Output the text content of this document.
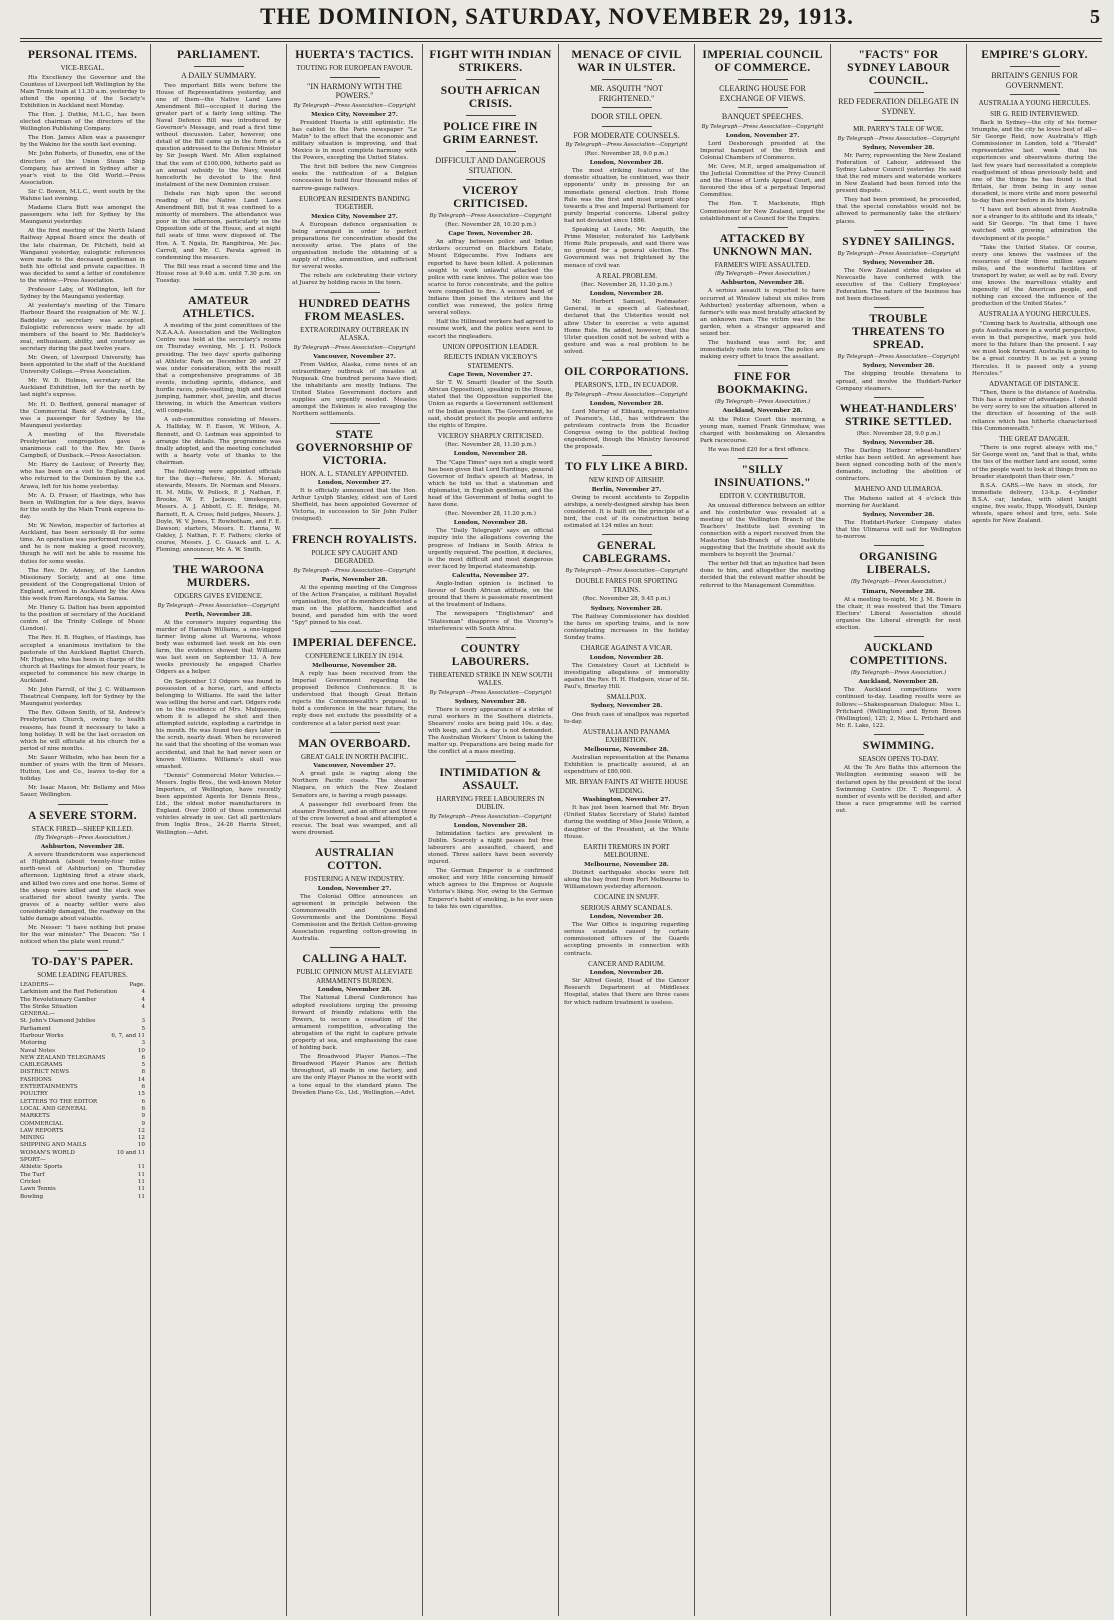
THE DOMINION, SATURDAY, NOVEMBER 29, 1913.	5
PERSONAL ITEMS.
VICE-REGAL.

His Excellency the Governor and the Countess of Liverpool left Wellington by the Main Trunk train at 11.30 a.m. yesterday to attend the opening of the Society's Exhibition in Auckland next Monday.

The Hon. J. Duthie, M.L.C., has been elected chairman of the directors of the Wellington Publishing Company.

The Hon. James Allen was a passenger by the Wakino for the south last evening.

Mr. John Roberts, of Dunedin, one of the directors of the Union Steam Ship Company, has arrived in Sydney after a year's visit to the Old World.—Press Association.

Sir C. Bowen, M.L.C., went south by the Wahine last evening.

Madame Clara Butt was amongst the passengers who left for Sydney by the Maunganui yesterday.

At the first meeting of the North Island Railway Appeal Board since the death of the late chairman, Dr. Fitchett, held at Wanganui yesterday, eulogistic references were made to the deceased gentleman in both his official and private capacities. It was decided to send a letter of condolence to the widow.—Press Association.

Professor Laby, of Wellington, left for Sydney by the Maunganui yesterday.

At yesterday's meeting of the Timaru Harbour Board the resignation of Mr. W. J. Baddeley as secretary was accepted. Eulogistic references were made by all members of the board to Mr. Baddeley's zeal, enthusiasm, ability, and courtesy as secretary during the past twelve years.

Mr. Owen, of Liverpool University, has been appointed to the staff of the Auckland University College.—Press Association.

Mr. W. D. Holmes, secretary of the Auckland Exhibition, left for the north by last night's express.

Mr. H. D. Bedford, general manager of the Commercial Bank of Australia, Ltd., was a passenger for Sydney by the Maunganui yesterday.

A meeting of the Riversdale Presbyterian congregation gave a unanimous call to the Rev. Mr. Davis Campbell, of Dunback.—Press Association.

Mr. Harry de Lautour, of Poverty Bay, who has been on a visit to England, and who returned to the Dominion by the s.s. Arawa, left for his home yesterday.

Mr. A. D. Fraser, of Hastings, who has been in Wellington for a few days, leaves for the south by the Main Trunk express to-day.

Mr. W. Newton, inspector of factories at Auckland, has been seriously ill for some time. An operation was performed recently, and he is now making a good recovery, though he will not be able to resume his duties for some weeks.

The Rev. Dr. Adeney, of the London Missionary Society, and at one time president of the Congregational Union of England, arrived in Auckland by the Aiwa this week from Rarotonga, via Samoa.

Mr. Henry G. Dalton has been appointed to the position of secretary of the Auckland centre of the Trinity College of Music (London).

The Rev. H. B. Hughes, of Hastings, has accepted a unanimous invitation to the pastorate of the Auckland Baptist Church. Mr. Hughes, who has been in charge of the church at Hastings for almost four years, is expected to commence his new charge in Auckland.

Mr. John Farrell, of the J. C. Williamson Theatrical Company, left for Sydney by the Maunganui yesterday.

The Rev. Gibson Smith, of St. Andrew's Presbyterian Church, owing to health reasons, has found it necessary to take a long holiday. It will be the last occasion on which he will officiate at his church for a period of nine months.

Mr. Sauer Wilhelm, who has been for a number of years with the firm of Messrs. Hutton, Lee and Co., leaves to-day for a holiday.

Mr. Isaac Mason, Mr. Bellamy and Miss Sauer, Wellington.

A SEVERE STORM.
STACK FIRED—SHEEP KILLED.
(By Telegraph—Press Association.)
Ashburton, November 28.

A severe thunderstorm was experienced at Highbank (about twenty-four miles north-west of Ashburton) on Thursday afternoon. Lightning fired a straw stack, and killed two cows and one horse. Some of the sheep were killed and the stack was scattered for about twenty yards. The graves of a nearby settler were also considerably damaged, the roadway on the table damage about valuable.

Mr. Nesser: "I have nothing but praise for the war minister." The Deacon: "So I noticed when the plate went round."

TO-DAY'S PAPER.
SOME LEADING FEATURES.
LEADERS—	Page.
Larkinism and the Red Federation	4
The Revolutionary Camber	4
The Strike Situation	4
GENERAL—
St. John's Diamond Jubilee	3
Parliament	5
Harbour Works	6, 7, and 11
Motoring	3
Naval Notes	10
NEW ZEALAND TELEGRAMS	6
CABLEGRAMS	5
DISTRICT NEWS	8
FASHIONS	14
ENTERTAINMENTS	6
POULTRY	15
LETTERS TO THE EDITOR	6
LOCAL AND GENERAL	6
MARKETS	9
COMMERCIAL	9
LAW REPORTS	12
MINING	12
SHIPPING AND MAILS	10
WOMAN'S WORLD	10 and 11
SPORT—
Athletic Sports	11
The Turf	11
Cricket	11
Lawn Tennis	11
Bowling	11
PARLIAMENT.
A DAILY SUMMARY.

Two important Bills were before the House of Representatives yesterday, and one of them—the Native Land Laws Amendment Bill—occupied it during the greater part of a fairly long sitting. The Naval Defence Bill was introduced by Governor's Message, and read a first time without discussion. Later, however, one detail of the Bill came up in the form of a question addressed to the Defence Minister by Sir Joseph Ward. Mr. Allen explained that the sum of £100,000, hitherto paid as an annual subsidy to the Navy, would henceforth be devoted to the first instalment of the new Dominion cruiser.

Debate ran high upon the second reading of the Native Land Laws Amendment Bill, but it was confined to a minority of members. The attendance was poor in the afternoon, particularly on the Opposition side of the House, and at night full seats of time were disposed of. The Hon. A. T. Ngata, Dr. Rangihiroa, Mr. Jas. Carroll, and Mr. C. Parata agreed in condemning the measure.

The Bill was read a second time and the House rose at 9.40 a.m. until 7.30 p.m. on Tuesday.

AMATEUR ATHLETICS.

A meeting of the joint committees of the N.Z.A.A.A. Association and the Wellington Centre was held at the secretary's rooms on Thursday evening, Mr. J. H. Pollock presiding. The two days' sports gathering at Athletic Park on December 26 and 27 was under consideration, with the result that a comprehensive programme of 38 events, including sprints, distance, and hurdle races, pole-vaulting, high and broad jumping, hammer, shot, javelin, and discus throwing, in which the American visitors will compete.

A sub-committee consisting of Messrs. A. Halliday, W. F. Eason, W. Wilson, A. Bennett, and O. Ledman was appointed to arrange the details. The programme was finally adopted, and the meeting concluded with a hearty vote of thanks to the chairman.

The following were appointed officials for the day:—Referee, Mr. A. Morant; stewards, Messrs. Dr. Norman and Messrs. H. M. Mills, W. Pollock, P. J. Nathan, F. Brooke, W. F. Jackson; timekeepers, Messrs. A. J. Abbott, C. E. Bridge, M. Barnett, R. A. Cross; field judges, Messrs. J. Doyle, W. V. Jones, T. Rowbotham, and F. E. Dawson; starters, Messrs. E. Hanna, W. Oakley, J. Nathan, F. F. Fathers; clerks of course, Messrs. J. C. Gusack and L. A. Fleming; announcer, Mr. A. W. Smith.

THE WAROONA MURDERS.
ODGERS GIVES EVIDENCE.
By Telegraph—Press Association—Copyright
Perth, November 28.

At the coroner's inquiry regarding the murder of Hannah Williams, a one-legged farmer living alone at Waroona, whose body was exhumed last week on his own farm, the evidence showed that Williams was last seen on September 13. A few weeks previously he engaged Charles Odgers as a helper.

On September 13 Odgers was found in possession of a horse, cart, and effects belonging to Williams. He said the latter was selling the horse and cart. Odgers rode on to the residence of Mrs. Mulqueenie, whom it is alleged he shot and then attempted suicide, exploding a cartridge in his mouth. He was found two days later in the scrub, nearly dead. When he recovered he said that the shooting of the woman was accidental, and that he had never seen or known Williams. Williams's skull was smashed.

"Dennis" Commercial Motor Vehicles.—Messrs. Inglis Bros., the well-known Motor Importers, of Wellington, have recently been appointed Agents for Dennis Bros., Ltd., the oldest motor manufacturers in England. Over 2000 of these commercial vehicles already in use. Get all particulars from Inglis Bros., 24-26 Harris Street, Wellington.—Advt.

HUERTA'S TACTICS.
TOUTING FOR EUROPEAN FAVOUR.
"IN HARMONY WITH THE POWERS."
By Telegraph—Press Association—Copyright
Mexico City, November 27.

President Huerta is still optimistic. He has cabled to the Paris newspaper "Le Matin" to the effect that the economic and military situation is improving, and that Mexico is in most complete harmony with the Powers, excepting the United States.

The first bill before the new Congress seeks the ratification of a Belgian concession to build four thousand miles of narrow-gauge railways.

EUROPEAN RESIDENTS BANDING TOGETHER.
Mexico City, November 27.

A European defence organisation is being arranged in order to perfect preparations for concentration should the necessity arise. The plans of the organisation include the obtaining of a supply of rifles, ammunition, and sufficient for several weeks.

The rebels are celebrating their victory at Juarez by holding races in the town.

HUNDRED DEATHS FROM MEASLES.
EXTRAORDINARY OUTBREAK IN ALASKA.
By Telegraph—Press Association—Copyright
Vancouver, November 27.

From Valdez, Alaska, come news of an extraordinary outbreak of measles at Nuqueak. One hundred persons have died; the inhabitants are mostly Indians. The United States Government doctors and supplies are urgently needed. Measles amongst the Eskimos is also ravaging the Northern settlements.

STATE GOVERNORSHIP OF VICTORIA.
HON. A. L. STANLEY APPOINTED.
London, November 27.

It is officially announced that the Hon. Arthur Lyulph Stanley, eldest son of Lord Sheffield, has been appointed Governor of Victoria, in succession to Sir John Fuller (resigned).

FRENCH ROYALISTS.
POLICE SPY CAUGHT AND DEGRADED.
By Telegraph—Press Association—Copyright
Paris, November 28.

At the opening meeting of the Congress of the Action Française, a militant Royalist organisation, five of its members detected a man on the platform, handcuffed and bound, and paraded him with the word "Spy" pinned to his coat.

IMPERIAL DEFENCE.
CONFERENCE LIKELY IN 1914.
Melbourne, November 28.

A reply has been received from the Imperial Government regarding the proposed Defence Conference. It is understood that though Great Britain rejects the Commonwealth's proposal to hold a conference in the near future, the reply does not exclude the possibility of a conference at a later period next year.

MAN OVERBOARD.
GREAT GALE IN NORTH PACIFIC.
Vancouver, November 27.

A great gale is raging along the Northern Pacific coasts. The steamer Niagara, on which the New Zealand Senators are, is having a rough passage.

A passenger fell overboard from the steamer President, and an officer and three of the crew lowered a boat and attempted a rescue. The boat was swamped, and all were drowned.

AUSTRALIAN COTTON.
FOSTERING A NEW INDUSTRY.
London, November 27.

The Colonial Office announces an agreement in principle between the Commonwealth and Queensland Governments and the Dominions Royal Commission and the British Cotton-growing Association regarding cotton-growing in Australia.

CALLING A HALT.
PUBLIC OPINION MUST ALLEVIATE ARMAMENTS BURDEN.
London, November 28.

The National Liberal Conference has adopted resolutions urging the pressing forward of friendly relations with the Powers, to secure a cessation of the armament competition, advocating the abrogation of the right to capture private property at sea, and emphasising the case of holding back.

The Broadwood Player Pianos.—The Broadwood Player Pianos are British throughout, all made in one factory, and are the only Player Pianos in the world with a tone equal to the standard piano. The Dresden Piano Co., Ltd., Wellington.—Advt.

FIGHT WITH INDIAN STRIKERS.
SOUTH AFRICAN CRISIS.
POLICE FIRE IN GRIM EARNEST.
DIFFICULT AND DANGEROUS SITUATION.
VICEROY CRITICISED.
By Telegraph—Press Association—Copyright
(Rec. November 28, 10.20 p.m.)
Cape Town, November 28.

An affray between police and Indian strikers occurred on Blackburn Estate, Mount Edgecumbe. Five Indians are reported to have been killed. A policeman sought to work unlawful attacked the police with cane knives. The police was too scarce to force concentrate, and the police were compelled to fire. A second band of Indians then joined the strikers and the conflict was renewed, the police firing several volleys.

Half the Hillmead workers had agreed to resume work, and the police were sent to escort the ringleaders.

UNION OPPOSITION LEADER.
REJECTS INDIAN VICEROY'S STATEMENTS.
Cape Town, November 27.

Sir T. W. Smartt (leader of the South African Opposition), speaking in the House, stated that the Opposition supported the Union as regards a Government settlement of the Indian question. The Government, he said, should protect its people and enforce the rights of Empire.

VICEROY SHARPLY CRITICISED.
(Rec. November 28, 11.20 p.m.)
London, November 28.

The "Cape Times" says not a single word has been given that Lord Hardinge, general Governor of India's speech at Madras, in which he told us that a statesman and diplomatist, in English gentleman, and the head of the Government of India ought to have done.

(Rec. November 28, 11.20 p.m.)
London, November 28.

The "Daily Telegraph" says an official inquiry into the allegations covering the progress of Indians in South Africa is urgently required. The position, it declares, is the most difficult and most dangerous ever faced by Imperial statesmanship.

Calcutta, November 27.

Anglo-Indian opinion is inclined to favour of South African attitude, on the ground that there is passionate resentment at the treatment of Indians.

The newspapers "Englishman" and "Statesman" disapprove of the Viceroy's interference with South Africa.

COUNTRY LABOURERS.
THREATENED STRIKE IN NEW SOUTH WALES.
By Telegraph—Press Association—Copyright
Sydney, November 28.

There is every appearance of a strike of rural workers in the Southern districts. Shearers' cooks are being paid 10s. a day, with keep, and 2s. a day is not demanded. The Australian Workers' Union is taking the matter up. Preparations are being made for the conflict at a mass meeting.

INTIMIDATION & ASSAULT.
HARRYING FREE LABOURERS IN DUBLIN.
By Telegraph—Press Association—Copyright
London, November 28.

Intimidation tactics are prevalent in Dublin. Scarcely a night passes but free labourers are assaulted, chased, and stoned. Three sailors have been severely injured.

The German Emperor is a confirmed smoker, and very little concerning himself which agrees to the Empress or Auguste Victoria's liking. Nor, owing to the German Emperor's habit of smoking, is he ever seen to take his own cigarettes.

MENACE OF CIVIL WAR IN ULSTER.
MR. ASQUITH "NOT FRIGHTENED."
DOOR STILL OPEN.
FOR MODERATE COUNSELS.
By Telegraph—Press Association—Copyright
(Rec. November 28, 9.0 p.m.)
London, November 28.

The most striking features of the domestic situation, he continued, was their opponents' unity in pressing for an immediate general election. Irish Home Rule was the first and most urgent step towards a free and Imperial Parliament for purely Imperial concerns. Liberal policy had not deviated since 1886.

Speaking at Leeds, Mr. Asquith, the Prime Minister, reiterated his Ladybank Home Rule proposals, and said there was no ground for a general election. The Government was not frightened by the menace of civil war.

A REAL PROBLEM.
(Rec. November 28, 11.20 p.m.)
London, November 28.

Mr. Herbert Samuel, Postmaster-General, in a speech at Gateshead, declared that the Ulsterites would not allow Ulster to exercise a veto against Home Rule. He added, however, that the Ulster question could not be solved with a gesture and was a real problem to be solved.

OIL CORPORATIONS.
PEARSON'S, LTD., IN ECUADOR.
By Telegraph—Press Association—Copyright
London, November 28.

Lord Murray of Elibank, representative of Pearson's, Ltd., has withdrawn the petroleum contracts from the Ecuador Congress owing to the political feeling engendered, though the Ministry favoured the proposals.

TO FLY LIKE A BIRD.
NEW KIND OF AIRSHIP.
Berlin, November 27.

Owing to recent accidents to Zeppelin airships, a newly-designed airship has been considered. It is built on the principle of a bird, the cost of its construction being estimated at 124 miles an hour.

GENERAL CABLEGRAMS.
By Telegraph—Press Association—Copyright
DOUBLE FARES FOR SPORTING TRAINS.
(Rec. November 28, 9.45 p.m.)
Sydney, November 28.

The Railway Commissioner has doubled the fares on sporting trains, and is now contemplating increases in the holiday Sunday trains.

CHARGE AGAINST A VICAR.
London, November 28.

The Consistory Court at Lichfield is investigating allegations of immorality against the Rev. H. H. Hodgson, vicar of St. Paul's, Brierley Hill.

SMALLPOX.
Sydney, November 28.

One fresh case of smallpox was reported to-day.

AUSTRALIA AND PANAMA EXHIBITION.
Melbourne, November 28.

Australian representation at the Panama Exhibition is practically assured, at an expenditure of £80,000.

MR. BRYAN FAINTS AT WHITE HOUSE WEDDING.
Washington, November 27.

It has just been learned that Mr. Bryan (United States Secretary of State) fainted during the wedding of Miss Jessie Wilson, a daughter of the President, at the White House.

EARTH TREMORS IN PORT MELBOURNE.
Melbourne, November 28.

Distinct earthquake shocks were felt along the bay front from Port Melbourne to Williamstown yesterday afternoon.

COCAINE IN SNUFF.
SERIOUS ARMY SCANDALS.
London, November 28.

The War Office is inquiring regarding serious scandals caused by certain commissioned officers of the Guards accepting presents in connection with contracts.

CANCER AND RADIUM.
London, November 28.

Sir Alfred Gould, Head of the Cancer Research Department at Middlesex Hospital, states that there are three cases for which radium treatment is useless.

IMPERIAL COUNCIL OF COMMERCE.
CLEARING HOUSE FOR EXCHANGE OF VIEWS.
BANQUET SPEECHES.
By Telegraph—Press Association—Copyright
London, November 27.

Lord Desborough presided at the Imperial banquet of the British and Colonial Chambers of Commerce.

Mr. Ceve, M.P., urged amalgamation of the Judicial Committee of the Privy Council and the House of Lords Appeal Court, and favoured the idea of a perpetual Imperial Committee.

The Hon. T. Mackenzie, High Commissioner for New Zealand, urged the establishment of a Council for the Empire.

ATTACKED BY UNKNOWN MAN.
FARMER'S WIFE ASSAULTED.
(By Telegraph—Press Association.)
Ashburton, November 28.

A serious assault is reported to have occurred at Winslow (about six miles from Ashburton) yesterday afternoon, when a farmer's wife was most brutally attacked by an unknown man. The victim was in the garden, when a stranger appeared and seized her.

The husband was sent for, and immediately rode into town. The police are making every effort to trace the assailant.

FINE FOR BOOKMAKING.
(By Telegraph—Press Association.)
Auckland, November 28.

At the Police Court this morning, a young man, named Frank Grimshaw, was charged with bookmaking on Alexandra Park racecourse.

He was fined £20 for a first offence.

"SILLY INSINUATIONS."
EDITOR V. CONTRIBUTOR.

An unusual difference between an editor and his contributor was revealed at a meeting of the Wellington Branch of the Teachers' Institute last evening in connection with a report received from the Masterton Sub-Branch of the Institute suggesting that the Institute should ask its members to boycott the 'Journal.'

The writer felt that an injustice had been done to him, and altogether the meeting decided that the relevant matter should be referred to the Management Committee.

"FACTS" FOR SYDNEY LABOUR COUNCIL.
RED FEDERATION DELEGATE IN SYDNEY.
MR. PARRY'S TALE OF WOE.
By Telegraph—Press Association—Copyright
Sydney, November 28.

Mr. Parry, representing the New Zealand Federation of Labour, addressed the Sydney Labour Council yesterday. He said that the red miners and waterside workers in New Zealand had been forced into the present dispute.

They had been promised, he proceeded, that the special constables would not be allowed to permanently take the strikers' places.

SYDNEY SAILINGS.
By Telegraph—Press Association—Copyright
Sydney, November 28.

The New Zealand strike delegates at Newcastle have conferred with the executive of the Colliery Employees' Federation. The nature of the business has not been disclosed.

TROUBLE THREATENS TO SPREAD.
By Telegraph—Press Association—Copyright
Sydney, November 28.

The shipping trouble threatens to spread, and involve the Huddart-Parker Company steamers.

WHEAT-HANDLERS' STRIKE SETTLED.
(Rec. November 28, 9.0 p.m.)
Sydney, November 28.

The Darling Harbour wheat-handlers' strike has been settled. An agreement has been signed conceding both of the men's demands, including the abolition of contractors.

MAHENO AND ULIMAROA.

The Maheno sailed at 4 o'clock this morning for Auckland.

Sydney, November 28.

The Huddart-Parker Company states that the Ulimaroa will sail for Wellington to-morrow.

ORGANISING LIBERALS.
(By Telegraph—Press Association.)
Timaru, November 28.

At a meeting to-night, Mr. J. M. Bowie in the chair, it was resolved that the Timaru Electors' Liberal Association should organise the Liberal strength for next election.

AUCKLAND COMPETITIONS.
(By Telegraph—Press Association.)
Auckland, November 28.

The Auckland competitions were continued to-day. Leading results were as follows:—Shakespearean Dialogue: Miss L. Pritchard (Wellington) and Byron Brown (Wellington), 125; 2, Miss L. Pritchard and Mr. E. Lake, 122.

SWIMMING.
SEASON OPENS TO-DAY.

At the Te Aro Baths this afternoon the Wellington swimming season will be declared open by the president of the local Swimming Centre (Dr. T. Rongern). A number of events will be decided, and after these a race programme will be carried out.

EMPIRE'S GLORY.
BRITAIN'S GENIUS FOR GOVERNMENT.
AUSTRALIA A YOUNG HERCULES.
SIR G. REID INTERVIEWED.

Back in Sydney—the city of his former triumphs, and the city he loves best of all—Sir George Reid, now Australia's High Commissioner in London, told a "Herald" representative last week that his experiences and observations during the last few years had necessitated a complete readjustment of ideas previously held; and one of the things he has found is that Britain, far from being in any sense decadent, is more virile and more powerful to-day than ever before in its history.

"I have not been absent from Australia nor a stranger to its attitude and its ideals," said Sir George. "In that time I have watched with growing admiration the development of its people."

"Take the United States. Of course, every one knows the vastness of the resources of their three million square miles, and the wonderful facilities of transport by water, as well as by rail. Every one knows the marvellous vitality and ingenuity of the American people, and nothing can exceed the influence of the production of the United States."

AUSTRALIA A YOUNG HERCULES.

"Coming back to Australia, although one puts Australia more in a world perspective, even in that perspective, mark you hold more to the future than the present. I say we must look forward. Australia is going to be a great country. It is as yet a young Hercules. It is passed only a young Hercules."

ADVANTAGE OF DISTANCE.

"Then, there is the distance of Australia. This has a number of advantages. I should be very sorry to see the situation altered in the direction of lessening of the self-reliance which has hitherto characterised this Commonwealth."

THE GREAT DANGER.

"There is one regret always with me," Sir George went on, "and that is that, while the ties of the mother land are sound, some of the people want to look at things from no broader standpoint than their own."

B.S.A. CARS.—We have in stock, for immediate delivery, 13-h.p. 4-cylinder B.S.A. car, landau, with silent knight engine, five seats, Hupp, Woodyatt, Dunlop wheels, spare wheel and tyre, sets. Sole agents for New Zealand.
